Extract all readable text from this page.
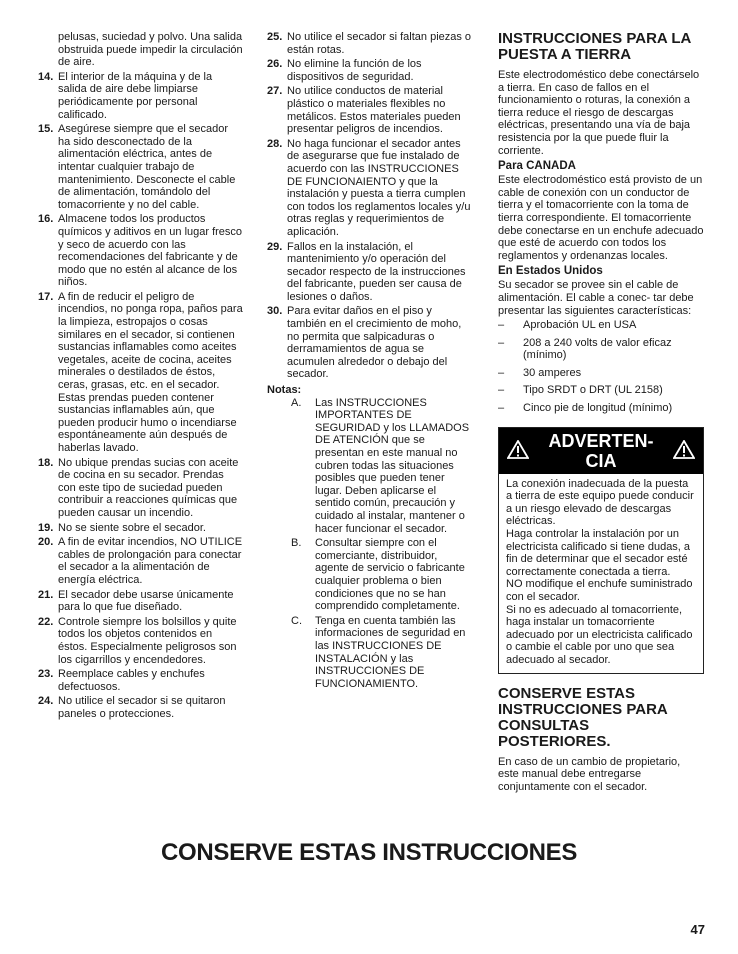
pelusas, suciedad y polvo. Una salida obstruida puede impedir la circulación de aire.

14. El interior de la máquina y de la salida de aire debe limpiarse periódicamente por personal calificado.
15. Asegúrese siempre que el secador ha sido desconectado de la alimentación eléctrica, antes de intentar cualquier trabajo de mantenimiento. Desconecte el cable de alimentación, tomándolo del tomacorriente y no del cable.
16. Almacene todos los productos químicos y aditivos en un lugar fresco y seco de acuerdo con las recomendaciones del fabricante y de modo que no estén al alcance de los niños.
17. A fin de reducir el peligro de incendios, no ponga ropa, paños para la limpieza, estropajos o cosas similares en el secador, si contienen sustancias inflamables como aceites vegetales, aceite de cocina, aceites minerales o destilados de éstos, ceras, grasas, etc. en el secador. Estas prendas pueden contener sustancias inflamables aún, que pueden producir humo o incendiarse espontáneamente aún después de haberlas lavado.
18. No ubique prendas sucias con aceite de cocina en su secador. Prendas con este tipo de suciedad pueden contribuir a reacciones químicas que pueden causar un incendio.
19. No se siente sobre el secador.
20. A fin de evitar incendios, NO UTILICE cables de prolongación para conectar el secador a la alimentación de energía eléctrica.
21. El secador debe usarse únicamente para lo que fue diseñado.
22. Controle siempre los bolsillos y quite todos los objetos contenidos en éstos. Especialmente peligrosos son los cigarrillos y encendedores.
23. Reemplace cables y enchufes defectuosos.
24. No utilice el secador si se quitaron paneles o protecciones.
25. No utilice el secador si faltan piezas o están rotas.
26. No elimine la función de los dispositivos de seguridad.
27. No utilice conductos de material plástico o materiales flexibles no metálicos. Estos materiales pueden presentar peligros de incendios.
28. No haga funcionar el secador antes de asegurarse que fue instalado de acuerdo con las INSTRUCCIONES DE FUNCIONAIENTO y que la instalación y puesta a tierra cumplen con todos los reglamentos locales y/u otras reglas y requerimientos de aplicación.
29. Fallos en la instalación, el mantenimiento y/o operación del secador respecto de la instrucciones del fabricante, pueden ser causa de lesiones o daños.
30. Para evitar daños en el piso y también en el crecimiento de moho, no permita que salpicaduras o derramamientos de agua se acumulen alrededor o debajo del secador.
Notas:
A.	Las INSTRUCCIONES IMPORTANTES DE SEGURIDAD y los LLAMADOS DE ATENCIÓN que se presentan en este manual no cubren todas las situaciones posibles que pueden tener lugar. Deben aplicarse el sentido común, precaución y cuidado al instalar, mantener o hacer funcionar el secador.
B.	Consultar siempre con el comerciante, distribuidor, agente de servicio o fabricante cualquier problema o bien condiciones que no se han comprendido completamente.
C.	Tenga en cuenta también las informaciones de seguridad en las INSTRUCCIONES DE INSTALACIÓN y las INSTRUCCIONES DE FUNCIONAMIENTO.
INSTRUCCIONES PARA LA PUESTA A TIERRA

Este electrodoméstico debe conectárselo a tierra. En caso de fallos en el funcionamiento o roturas, la conexión a tierra reduce el riesgo de descargas eléctricas, presentando una vía de baja resistencia por la que puede fluir la corriente.

Para CANADA

Este electrodoméstico está provisto de un cable de conexión con un conductor de tierra y el tomacorriente con la toma de tierra correspondiente. El tomacorriente debe conectarse en un enchufe adecuado que esté de acuerdo con todos los reglamentos y ordenanzas locales.

En Estados Unidos

Su secador se provee sin el cable de alimentación. El cable a conec- tar debe presentar las siguientes características:

–	Aprobación UL en USA
–	208 a 240 volts de valor eficaz (mínimo)
–	30 amperes
–	Tipo SRDT o DRT (UL 2158)
–	Cinco pie de longitud (mínimo)
ADVERTEN- CIA

La conexión inadecuada de la puesta a tierra de este equipo puede conducir a un riesgo elevado de descargas eléctricas.

Haga controlar la instalación por un electricista calificado si tiene dudas, a fin de determinar que el secador esté correctamente conectada a tierra.

NO modifique el enchufe suministrado con el secador.

Si no es adecuado al tomacorriente, haga instalar un tomacorriente adecuado por un electricista calificado o cambie el cable por uno que sea adecuado al secador.

CONSERVE ESTAS INSTRUCCIONES PARA CONSULTAS POSTERIORES.

En caso de un cambio de propietario, este manual debe entregarse conjuntamente con el secador.

CONSERVE ESTAS INSTRUCCIONES
47
